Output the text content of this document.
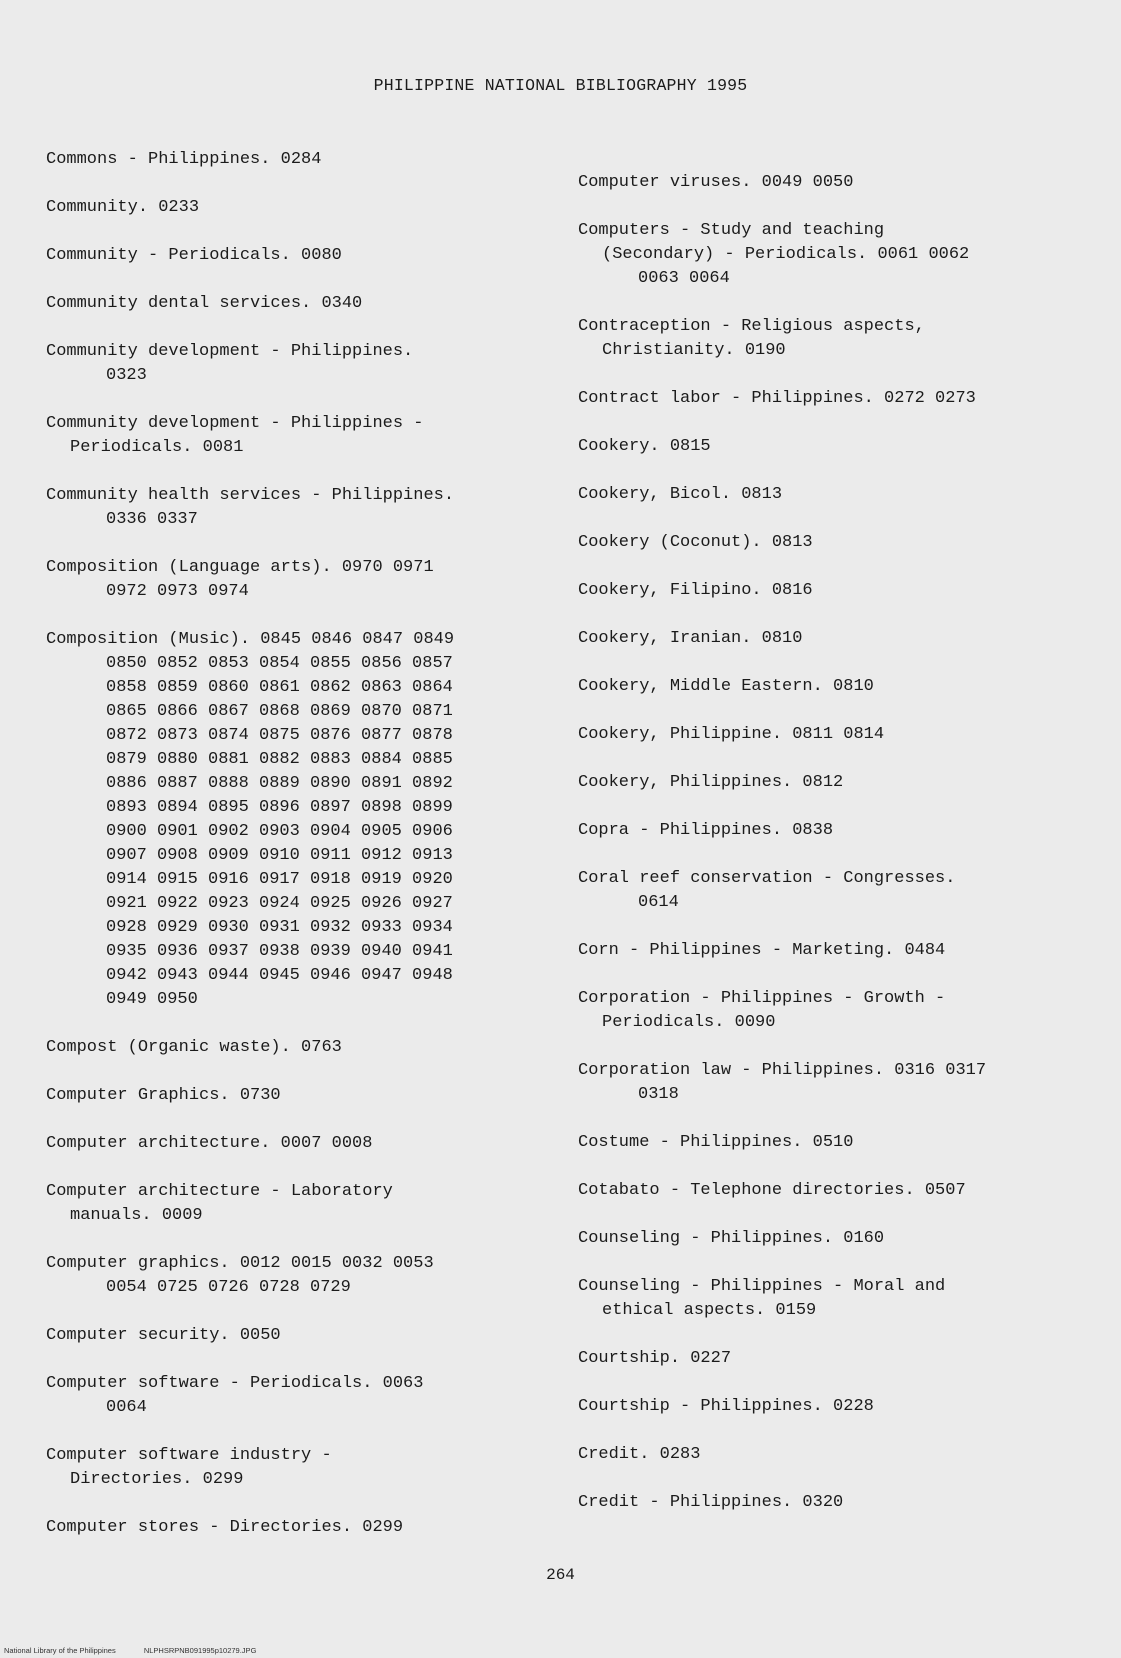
PHILIPPINE NATIONAL BIBLIOGRAPHY 1995
Commons - Philippines. 0284
Community. 0233
Community - Periodicals. 0080
Community dental services. 0340
Community development - Philippines.
0323
Community development - Philippines -
Periodicals. 0081
Community health services - Philippines.
0336 0337
Composition (Language arts). 0970 0971
0972 0973 0974
Composition (Music). 0845 0846 0847 0849
0850 0852 0853 0854 0855 0856 0857
0858 0859 0860 0861 0862 0863 0864
0865 0866 0867 0868 0869 0870 0871
0872 0873 0874 0875 0876 0877 0878
0879 0880 0881 0882 0883 0884 0885
0886 0887 0888 0889 0890 0891 0892
0893 0894 0895 0896 0897 0898 0899
0900 0901 0902 0903 0904 0905 0906
0907 0908 0909 0910 0911 0912 0913
0914 0915 0916 0917 0918 0919 0920
0921 0922 0923 0924 0925 0926 0927
0928 0929 0930 0931 0932 0933 0934
0935 0936 0937 0938 0939 0940 0941
0942 0943 0944 0945 0946 0947 0948
0949 0950
Compost (Organic waste). 0763
Computer Graphics. 0730
Computer architecture. 0007 0008
Computer architecture - Laboratory
manuals. 0009
Computer graphics. 0012 0015 0032 0053
0054 0725 0726 0728 0729
Computer security. 0050
Computer software - Periodicals. 0063
0064
Computer software industry -
Directories. 0299
Computer stores - Directories. 0299
Computer viruses. 0049 0050
Computers - Study and teaching
(Secondary) - Periodicals. 0061 0062
0063 0064
Contraception - Religious aspects,
Christianity. 0190
Contract labor - Philippines. 0272 0273
Cookery. 0815
Cookery, Bicol. 0813
Cookery (Coconut). 0813
Cookery, Filipino. 0816
Cookery, Iranian. 0810
Cookery, Middle Eastern. 0810
Cookery, Philippine. 0811 0814
Cookery, Philippines. 0812
Copra - Philippines. 0838
Coral reef conservation - Congresses.
0614
Corn - Philippines - Marketing. 0484
Corporation - Philippines - Growth -
Periodicals. 0090
Corporation law - Philippines. 0316 0317
0318
Costume - Philippines. 0510
Cotabato - Telephone directories. 0507
Counseling - Philippines. 0160
Counseling - Philippines - Moral and
ethical aspects. 0159
Courtship. 0227
Courtship - Philippines. 0228
Credit. 0283
Credit - Philippines. 0320
264
National Library of the Philippines	NLPHSRPNB091995p10279.JPG
